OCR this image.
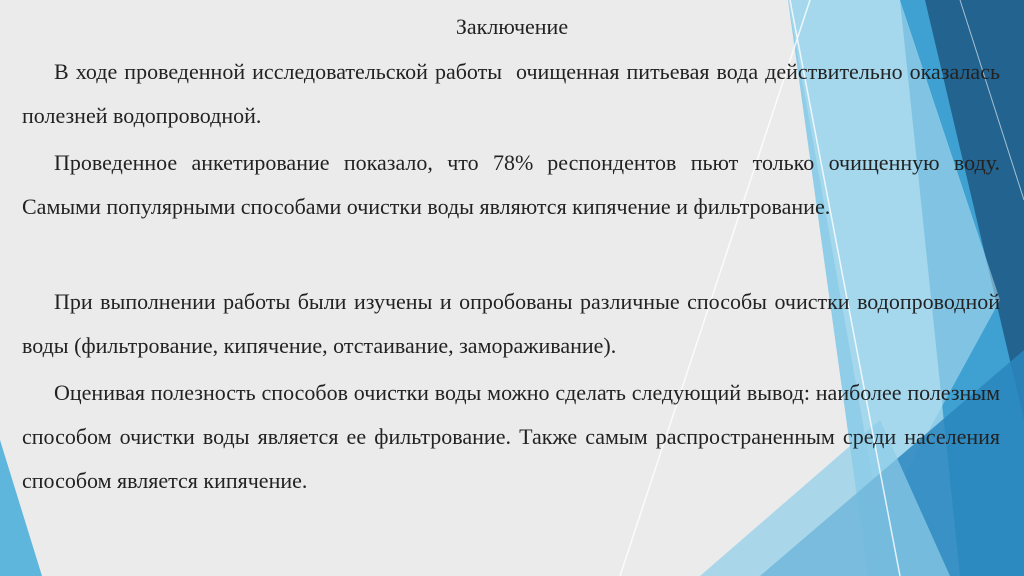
Заключение
В ходе проведенной исследовательской работы очищенная питьевая вода действительно оказалась полезней водопроводной.
Проведенное анкетирование показало, что 78% респондентов пьют только очищенную воду. Самыми популярными способами очистки воды являются кипячение и фильтрование.
При выполнении работы были изучены и опробованы различные способы очистки водопроводной воды (фильтрование, кипячение, отстаивание, замораживание).
Оценивая полезность способов очистки воды можно сделать следующий вывод: наиболее полезным способом очистки воды является ее фильтрование. Также самым распространенным среди населения способом является кипячение.
